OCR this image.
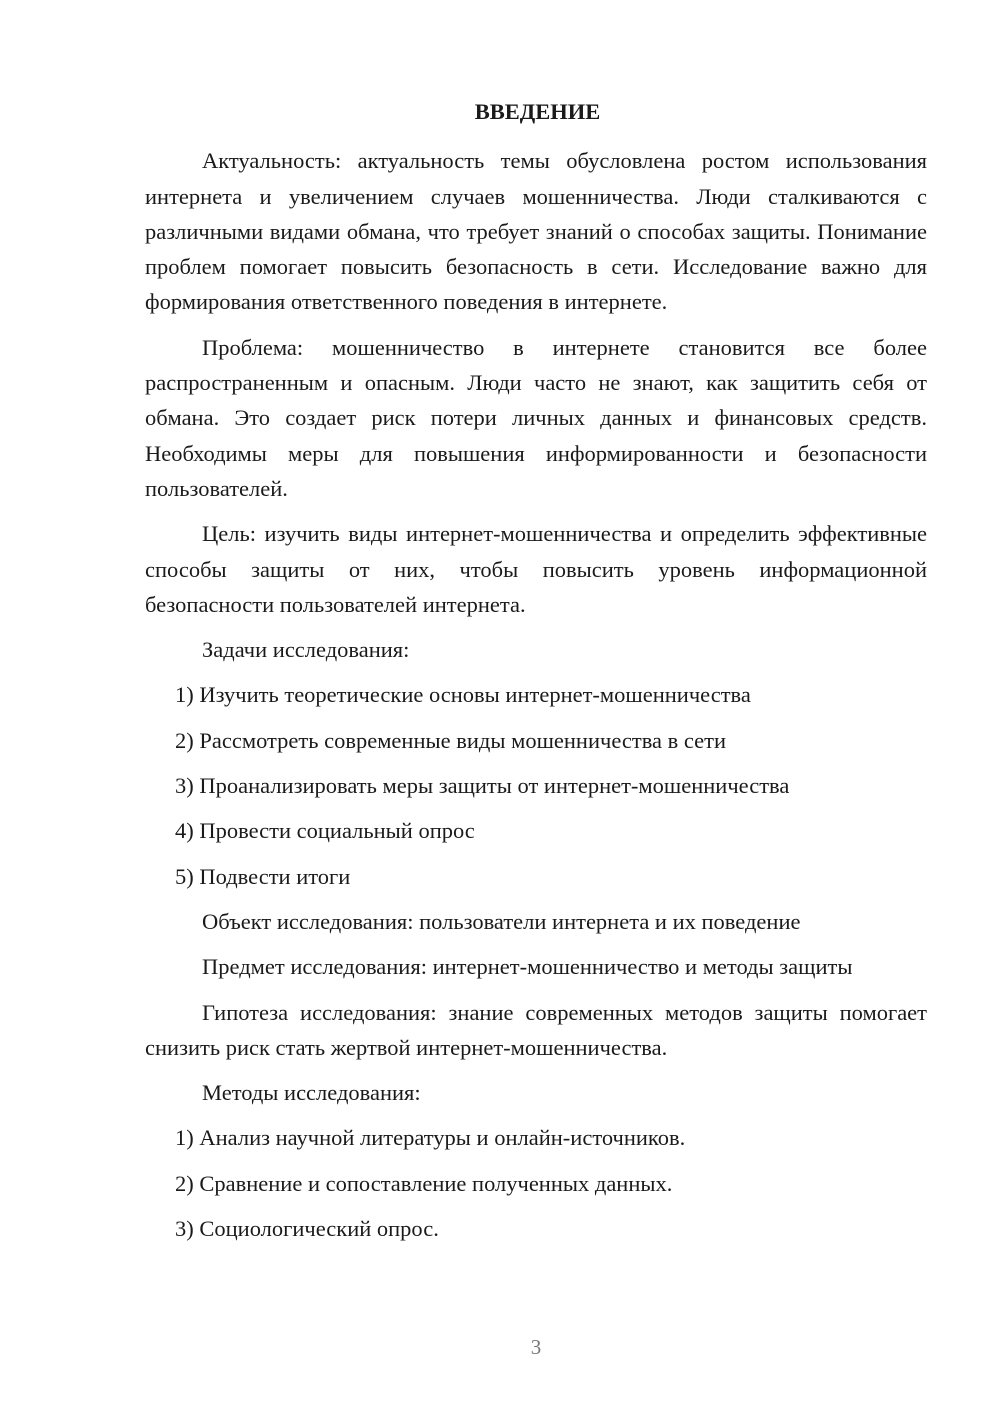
ВВЕДЕНИЕ

Актуальность: актуальность темы обусловлена ростом использования интернета и увеличением случаев мошенничества. Люди сталкиваются с различными видами обмана, что требует знаний о способах защиты. Понимание проблем помогает повысить безопасность в сети. Исследование важно для формирования ответственного поведения в интернете.

Проблема: мошенничество в интернете становится все более распространенным и опасным. Люди часто не знают, как защитить себя от обмана. Это создает риск потери личных данных и финансовых средств. Необходимы меры для повышения информированности и безопасности пользователей.

Цель: изучить виды интернет-мошенничества и определить эффективные способы защиты от них, чтобы повысить уровень информационной безопасности пользователей интернета.

Задачи исследования:

1) Изучить теоретические основы интернет-мошенничества

2) Рассмотреть современные виды мошенничества в сети

3) Проанализировать меры защиты от интернет-мошенничества

4) Провести социальный опрос

5) Подвести итоги

Объект исследования: пользователи интернета и их поведение

Предмет исследования: интернет-мошенничество и методы защиты

Гипотеза исследования: знание современных методов защиты помогает снизить риск стать жертвой интернет-мошенничества.

Методы исследования:

1) Анализ научной литературы и онлайн-источников.

2) Сравнение и сопоставление полученных данных.

3) Социологический опрос.

3
